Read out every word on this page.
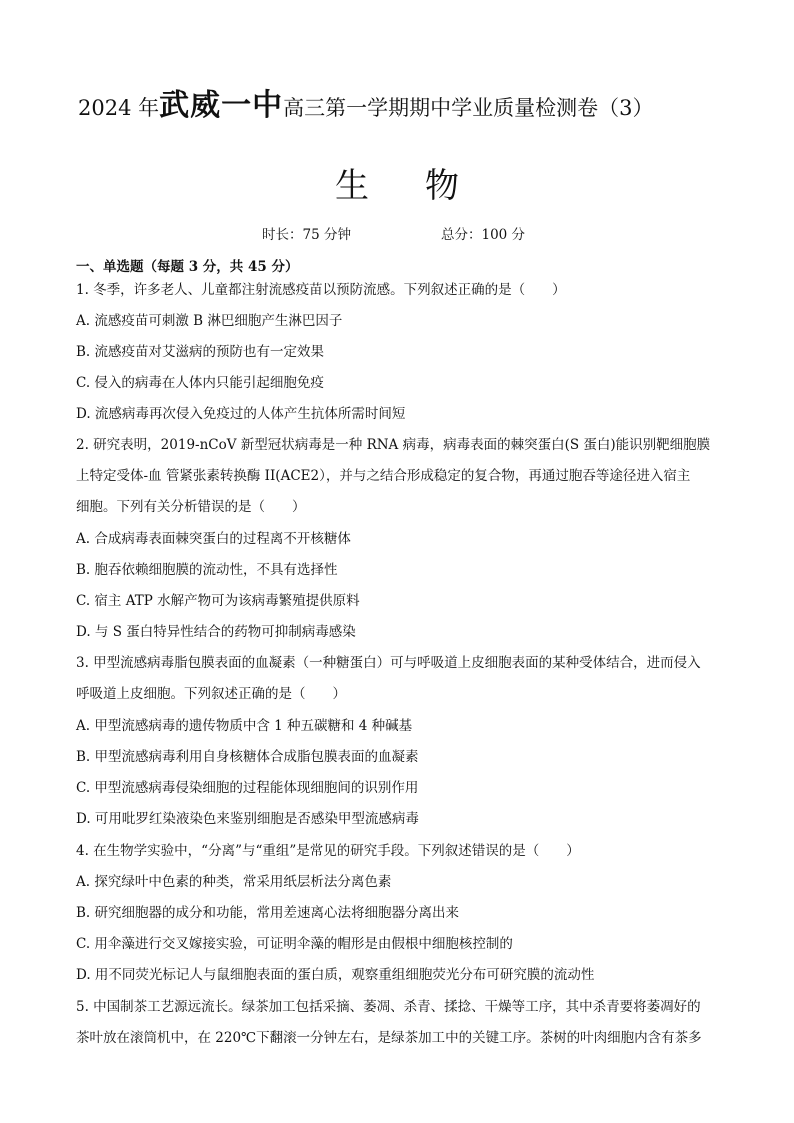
2024 年武威一中高三第一学期期中学业质量检测卷（3）
生物
时长：75 分钟	总分：100 分
一、单选题（每题 3 分，共 45 分）
1. 冬季，许多老人、儿童都注射流感疫苗以预防流感。下列叙述正确的是（　　）
A. 流感疫苗可刺激 B 淋巴细胞产生淋巴因子
B. 流感疫苗对艾滋病的预防也有一定效果
C. 侵入的病毒在人体内只能引起细胞免疫
D. 流感病毒再次侵入免疫过的人体产生抗体所需时间短
2. 研究表明，2019-nCoV 新型冠状病毒是一种 RNA 病毒，病毒表面的棘突蛋白(S 蛋白)能识别靶细胞膜
上特定受体-血 管紧张素转换酶 II(ACE2），并与之结合形成稳定的复合物，再通过胞吞等途径进入宿主
细胞。下列有关分析错误的是（　　）
A. 合成病毒表面棘突蛋白的过程离不开核糖体
B. 胞吞依赖细胞膜的流动性，不具有选择性
C. 宿主 ATP 水解产物可为该病毒繁殖提供原料
D. 与 S 蛋白特异性结合的药物可抑制病毒感染
3. 甲型流感病毒脂包膜表面的血凝素（一种糖蛋白）可与呼吸道上皮细胞表面的某种受体结合，进而侵入
呼吸道上皮细胞。下列叙述正确的是（　　）
A. 甲型流感病毒的遗传物质中含 1 种五碳糖和 4 种碱基
B. 甲型流感病毒利用自身核糖体合成脂包膜表面的血凝素
C. 甲型流感病毒侵染细胞的过程能体现细胞间的识别作用
D. 可用吡罗红染液染色来鉴别细胞是否感染甲型流感病毒
4. 在生物学实验中，“分离”与“重组”是常见的研究手段。下列叙述错误的是（　　）
A. 探究绿叶中色素的种类，常采用纸层析法分离色素
B. 研究细胞器的成分和功能，常用差速离心法将细胞器分离出来
C. 用伞藻进行交叉嫁接实验，可证明伞藻的帽形是由假根中细胞核控制的
D. 用不同荧光标记人与鼠细胞表面的蛋白质，观察重组细胞荧光分布可研究膜的流动性
5. 中国制茶工艺源远流长。绿茶加工包括采摘、萎凋、杀青、揉捻、干燥等工序，其中杀青要将萎凋好的
茶叶放在滚筒机中，在 220℃下翻滚一分钟左右，是绿茶加工中的关键工序。茶树的叶肉细胞内含有茶多
